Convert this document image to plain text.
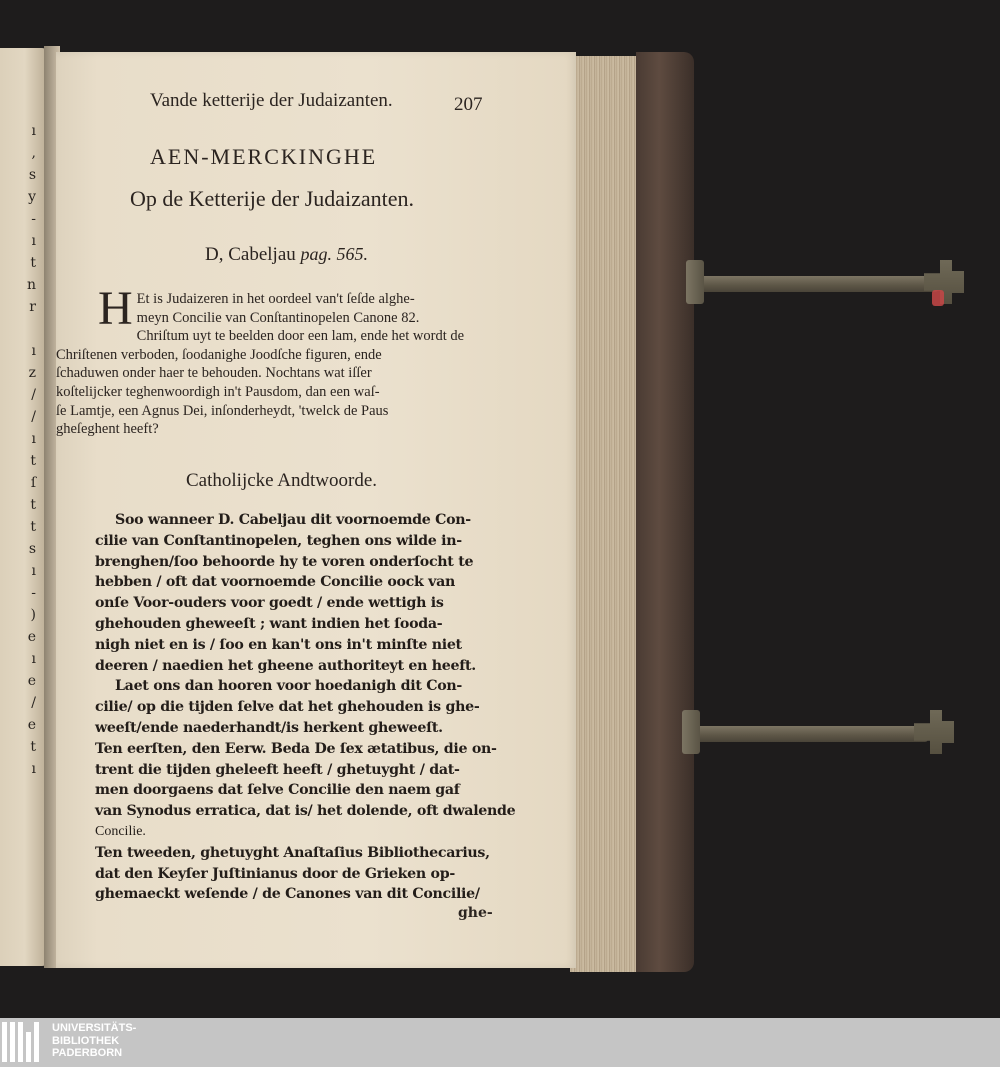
ı
,
s
y
-
ı
t
n
r
ı
z
/
/
ı
t
ſ
t
t
s
ı
-
)
e
ı
e
/
e
t
ı
Vande ketterije der Judaizanten.	207
AEN-MERCKINGHE
Op de Ketterije der Judaizanten.
D, Cabeljau pag. 565.
H Et is Judaizeren in het oordeel van't ſeſde alghe-
meyn Concilie van Conſtantinopelen Canone 82.
Chriſtum uyt te beelden door een lam, ende het wordt de
Chriſtenen verboden, ſoodanighe Joodſche figuren, ende
ſchaduwen onder haer te behouden. Nochtans wat iſſer
koſtelijcker teghenwoordigh in't Pausdom, dan een waſ-
ſe Lamtje, een Agnus Dei, inſonderheydt, 'twelck de Paus
gheſeghent heeft?
Catholijcke Andtwoorde.
Soo wanneer D. Cabeljau dit voornoemde Con-
cilie van Conſtantinopelen, teghen ons wilde in-
brenghen/ſoo behoorde hy te voren onderſocht te
hebben / oft dat voornoemde Concilie oock van
onſe Voor-ouders voor goedt / ende wettigh is
ghehouden gheweeſt ; want indien het ſooda-
nigh niet en is / ſoo en kan't ons in't minſte niet
deeren / naedien het gheene authoriteyt en heeft.
Laet ons dan hooren voor hoedanigh dit Con-
cilie/ op die tijden ſelve dat het ghehouden is ghe-
weeſt/ende naederhandt/is herkent gheweeſt.
Ten eerſten, den Eerw. Beda De ſex ætatibus, die on-
trent die tijden gheleeft heeft / ghetuyght / dat-
men doorgaens dat ſelve Concilie den naem gaf
van Synodus erratica, dat is/ het dolende, oft dwalende
Concilie.
Ten tweeden, ghetuyght Anaſtaſius Bibliothecarius,
dat den Keyſer Juſtinianus door de Grieken op-
ghemaeckt weſende / de Canones van dit Concilie/
ghe-
UNIVERSITÄTS-
BIBLIOTHEK
PADERBORN
